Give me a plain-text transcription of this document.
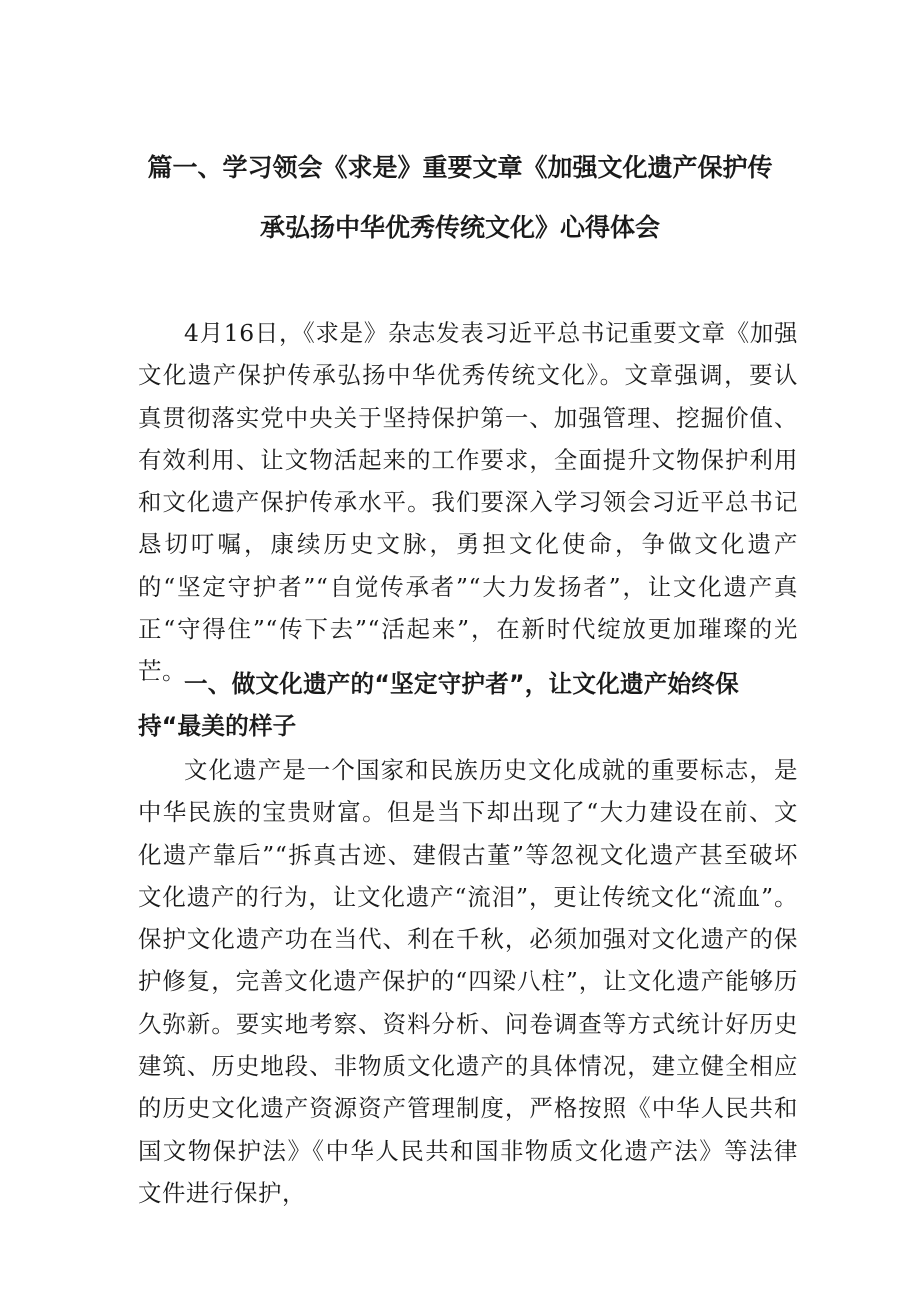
篇一、学习领会《求是》重要文章《加强文化遗产保护传
承弘扬中华优秀传统文化》心得体会

4月16日，《求是》杂志发表习近平总书记重要文章《加强文化遗产保护传承弘扬中华优秀传统文化》。文章强调，要认真贯彻落实党中央关于坚持保护第一、加强管理、挖掘价值、有效利用、让文物活起来的工作要求，全面提升文物保护利用和文化遗产保护传承水平。我们要深入学习领会习近平总书记恳切叮嘱，康续历史文脉，勇担文化使命，争做文化遗产的“坚定守护者”“自觉传承者”“大力发扬者”，让文化遗产真正“守得住”“传下去”“活起来”，在新时代绽放更加璀璨的光芒。

一、做文化遗产的“坚定守护者”，让文化遗产始终保持“最美的样子

文化遗产是一个国家和民族历史文化成就的重要标志，是中华民族的宝贵财富。但是当下却出现了“大力建设在前、文化遗产靠后”“拆真古迹、建假古董”等忽视文化遗产甚至破坏文化遗产的行为，让文化遗产“流泪”，更让传统文化“流血”。保护文化遗产功在当代、利在千秋，必须加强对文化遗产的保护修复，完善文化遗产保护的“四梁八柱”，让文化遗产能够历久弥新。要实地考察、资料分析、问卷调查等方式统计好历史建筑、历史地段、非物质文化遗产的具体情况，建立健全相应的历史文化遗产资源资产管理制度，严格按照《中华人民共和国文物保护法》《中华人民共和国非物质文化遗产法》等法律文件进行保护，
